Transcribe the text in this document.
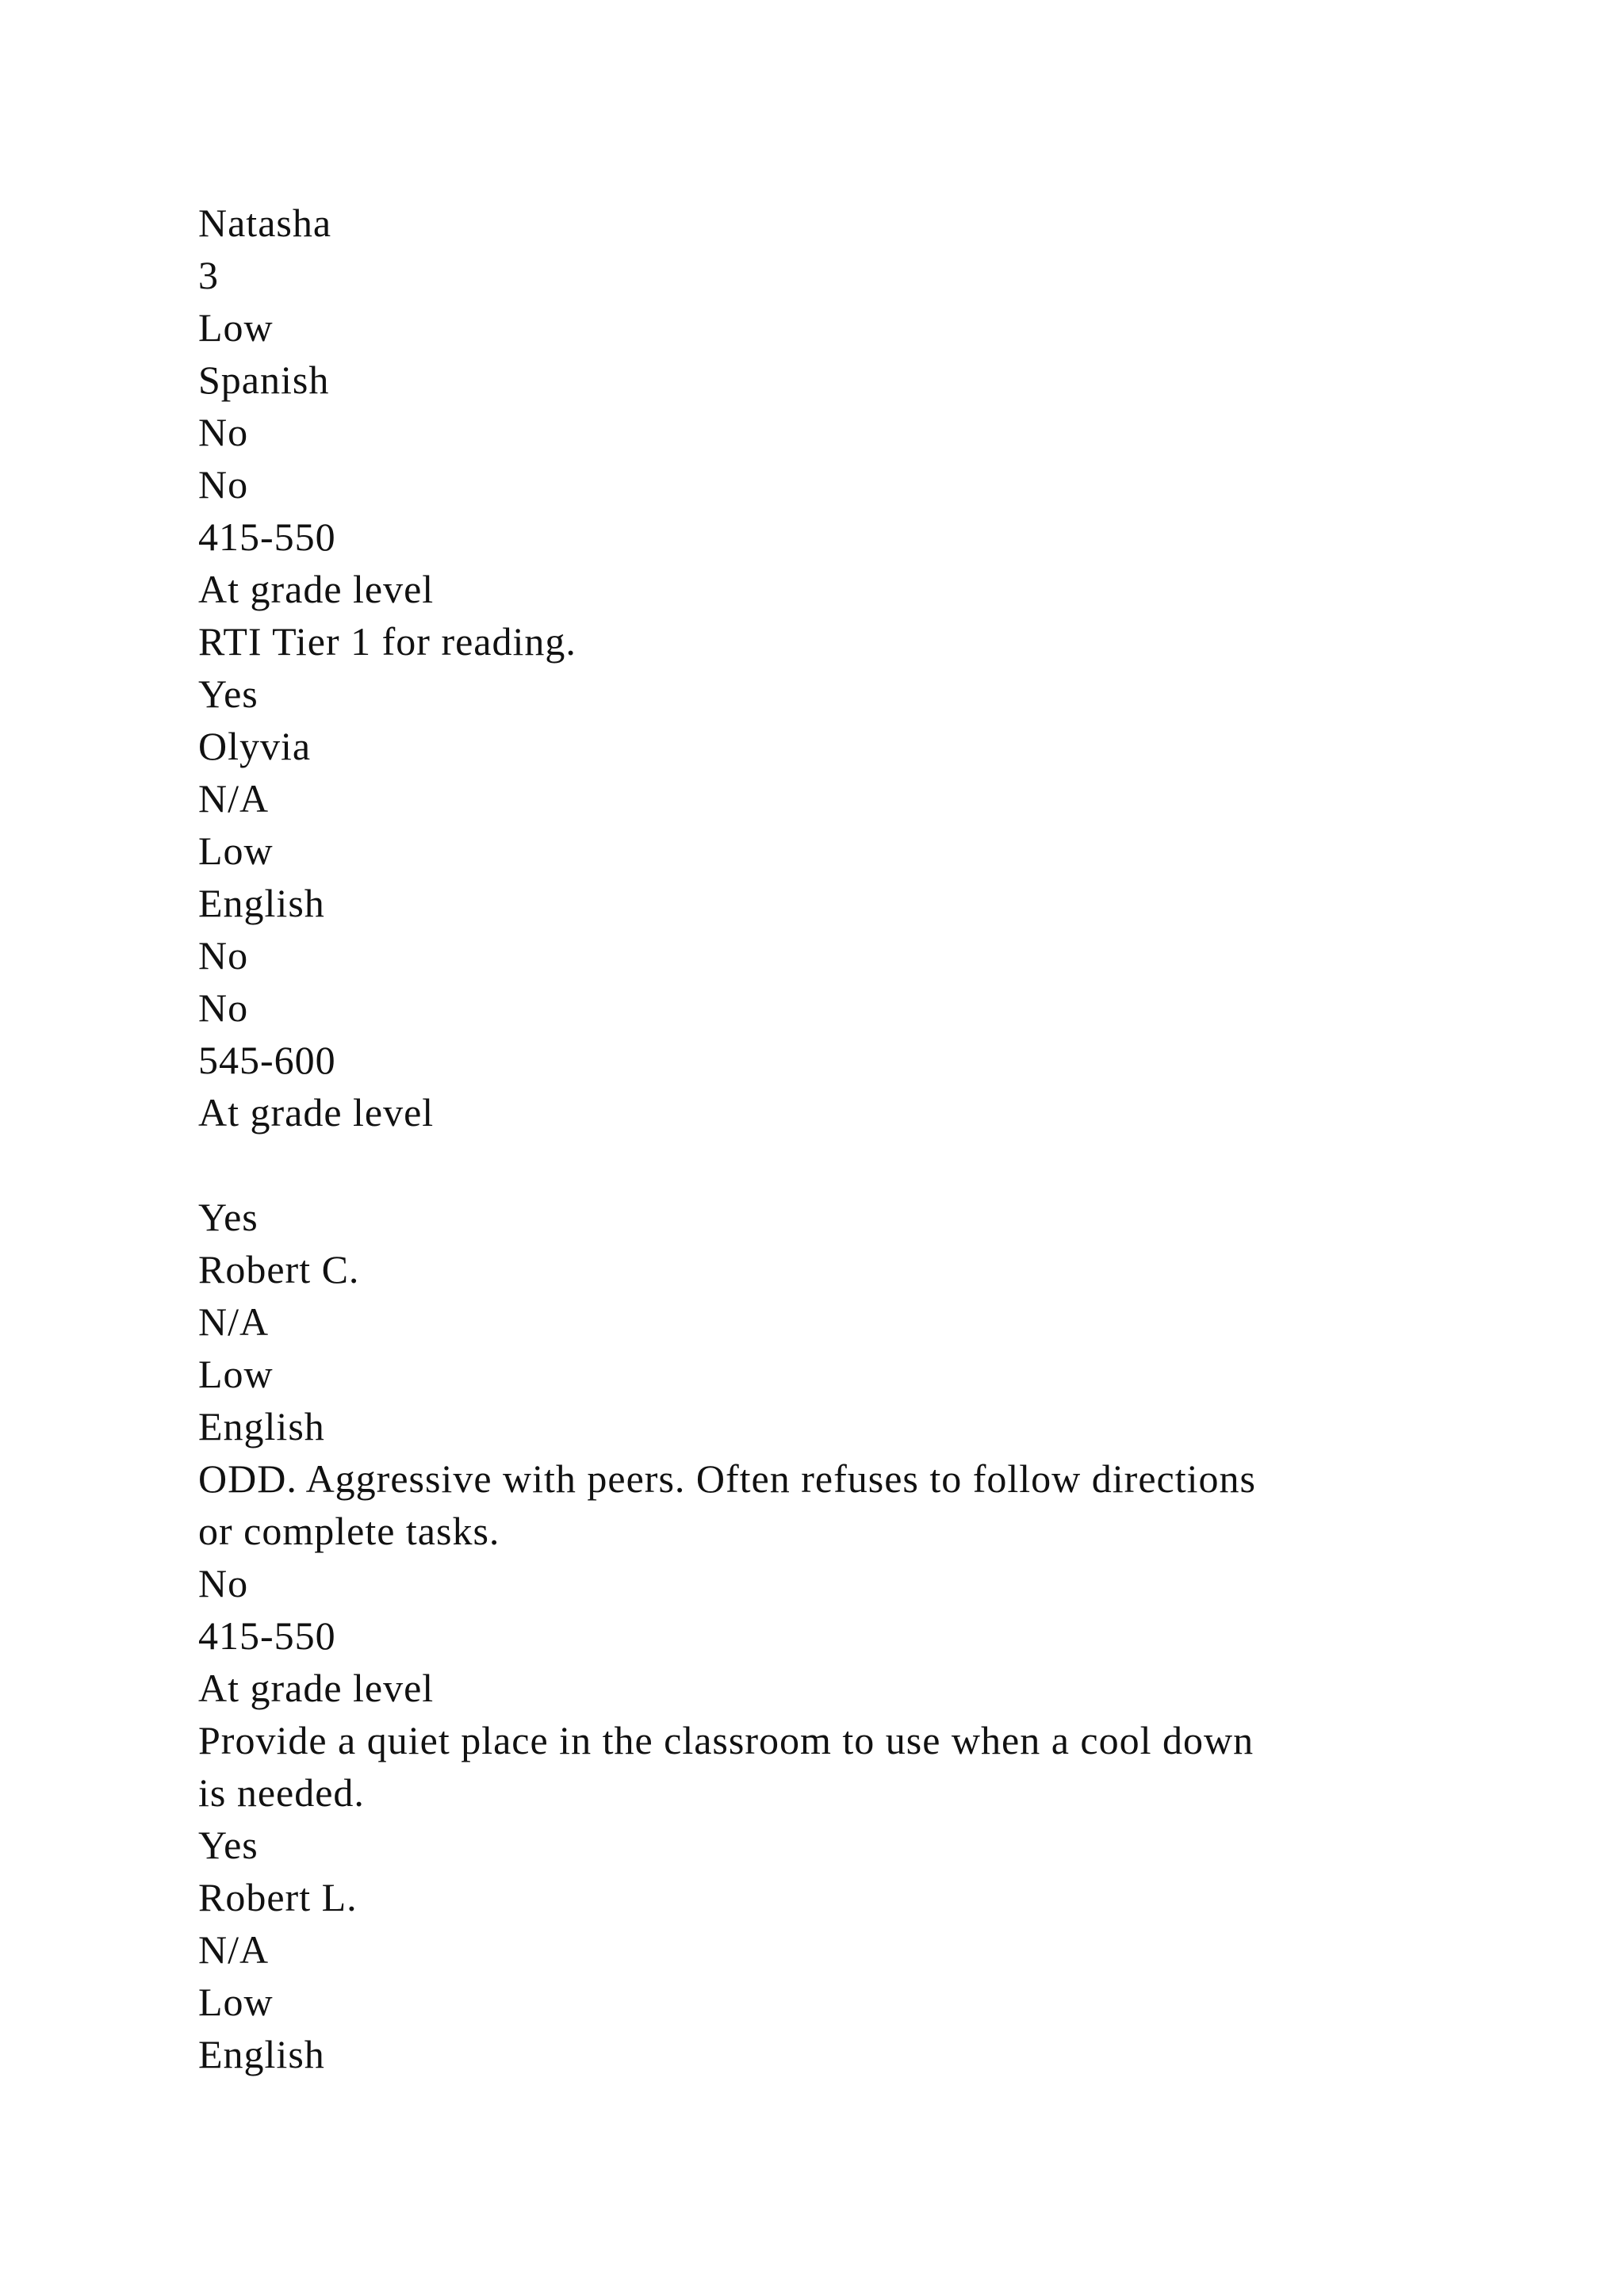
Natasha
3
Low
Spanish
No
No
415-550
At grade level
RTI Tier 1 for reading.
Yes
Olyvia
N/A
Low
English
No
No
545-600
At grade level
Yes
Robert C.
N/A
Low
English
ODD. Aggressive with peers. Often refuses to follow directions
or complete tasks.
No
415-550
At grade level
Provide a quiet place in the classroom to use when a cool down
is needed.
Yes
Robert L.
N/A
Low
English
